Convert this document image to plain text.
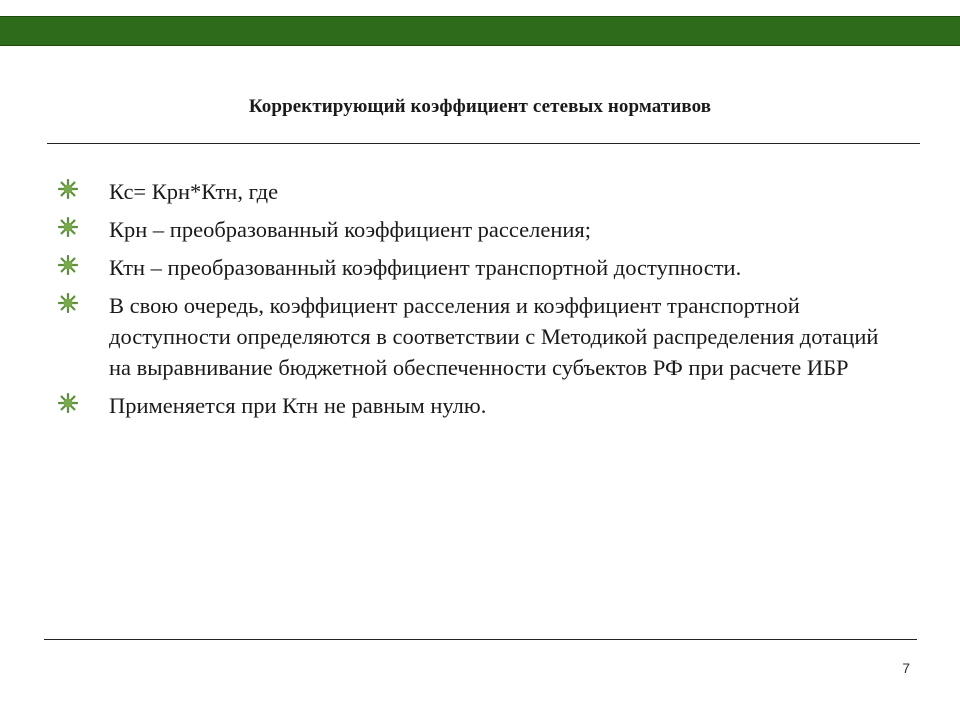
Корректирующий коэффициент сетевых нормативов
Кс= Крн*Ктн, где
Крн – преобразованный коэффициент расселения;
Ктн – преобразованный коэффициент транспортной доступности.
В свою очередь, коэффициент расселения и коэффициент транспортной доступности определяются в соответствии с Методикой распределения дотаций на выравнивание бюджетной обеспеченности субъектов РФ при расчете ИБР
Применяется при Ктн не равным нулю.
7
